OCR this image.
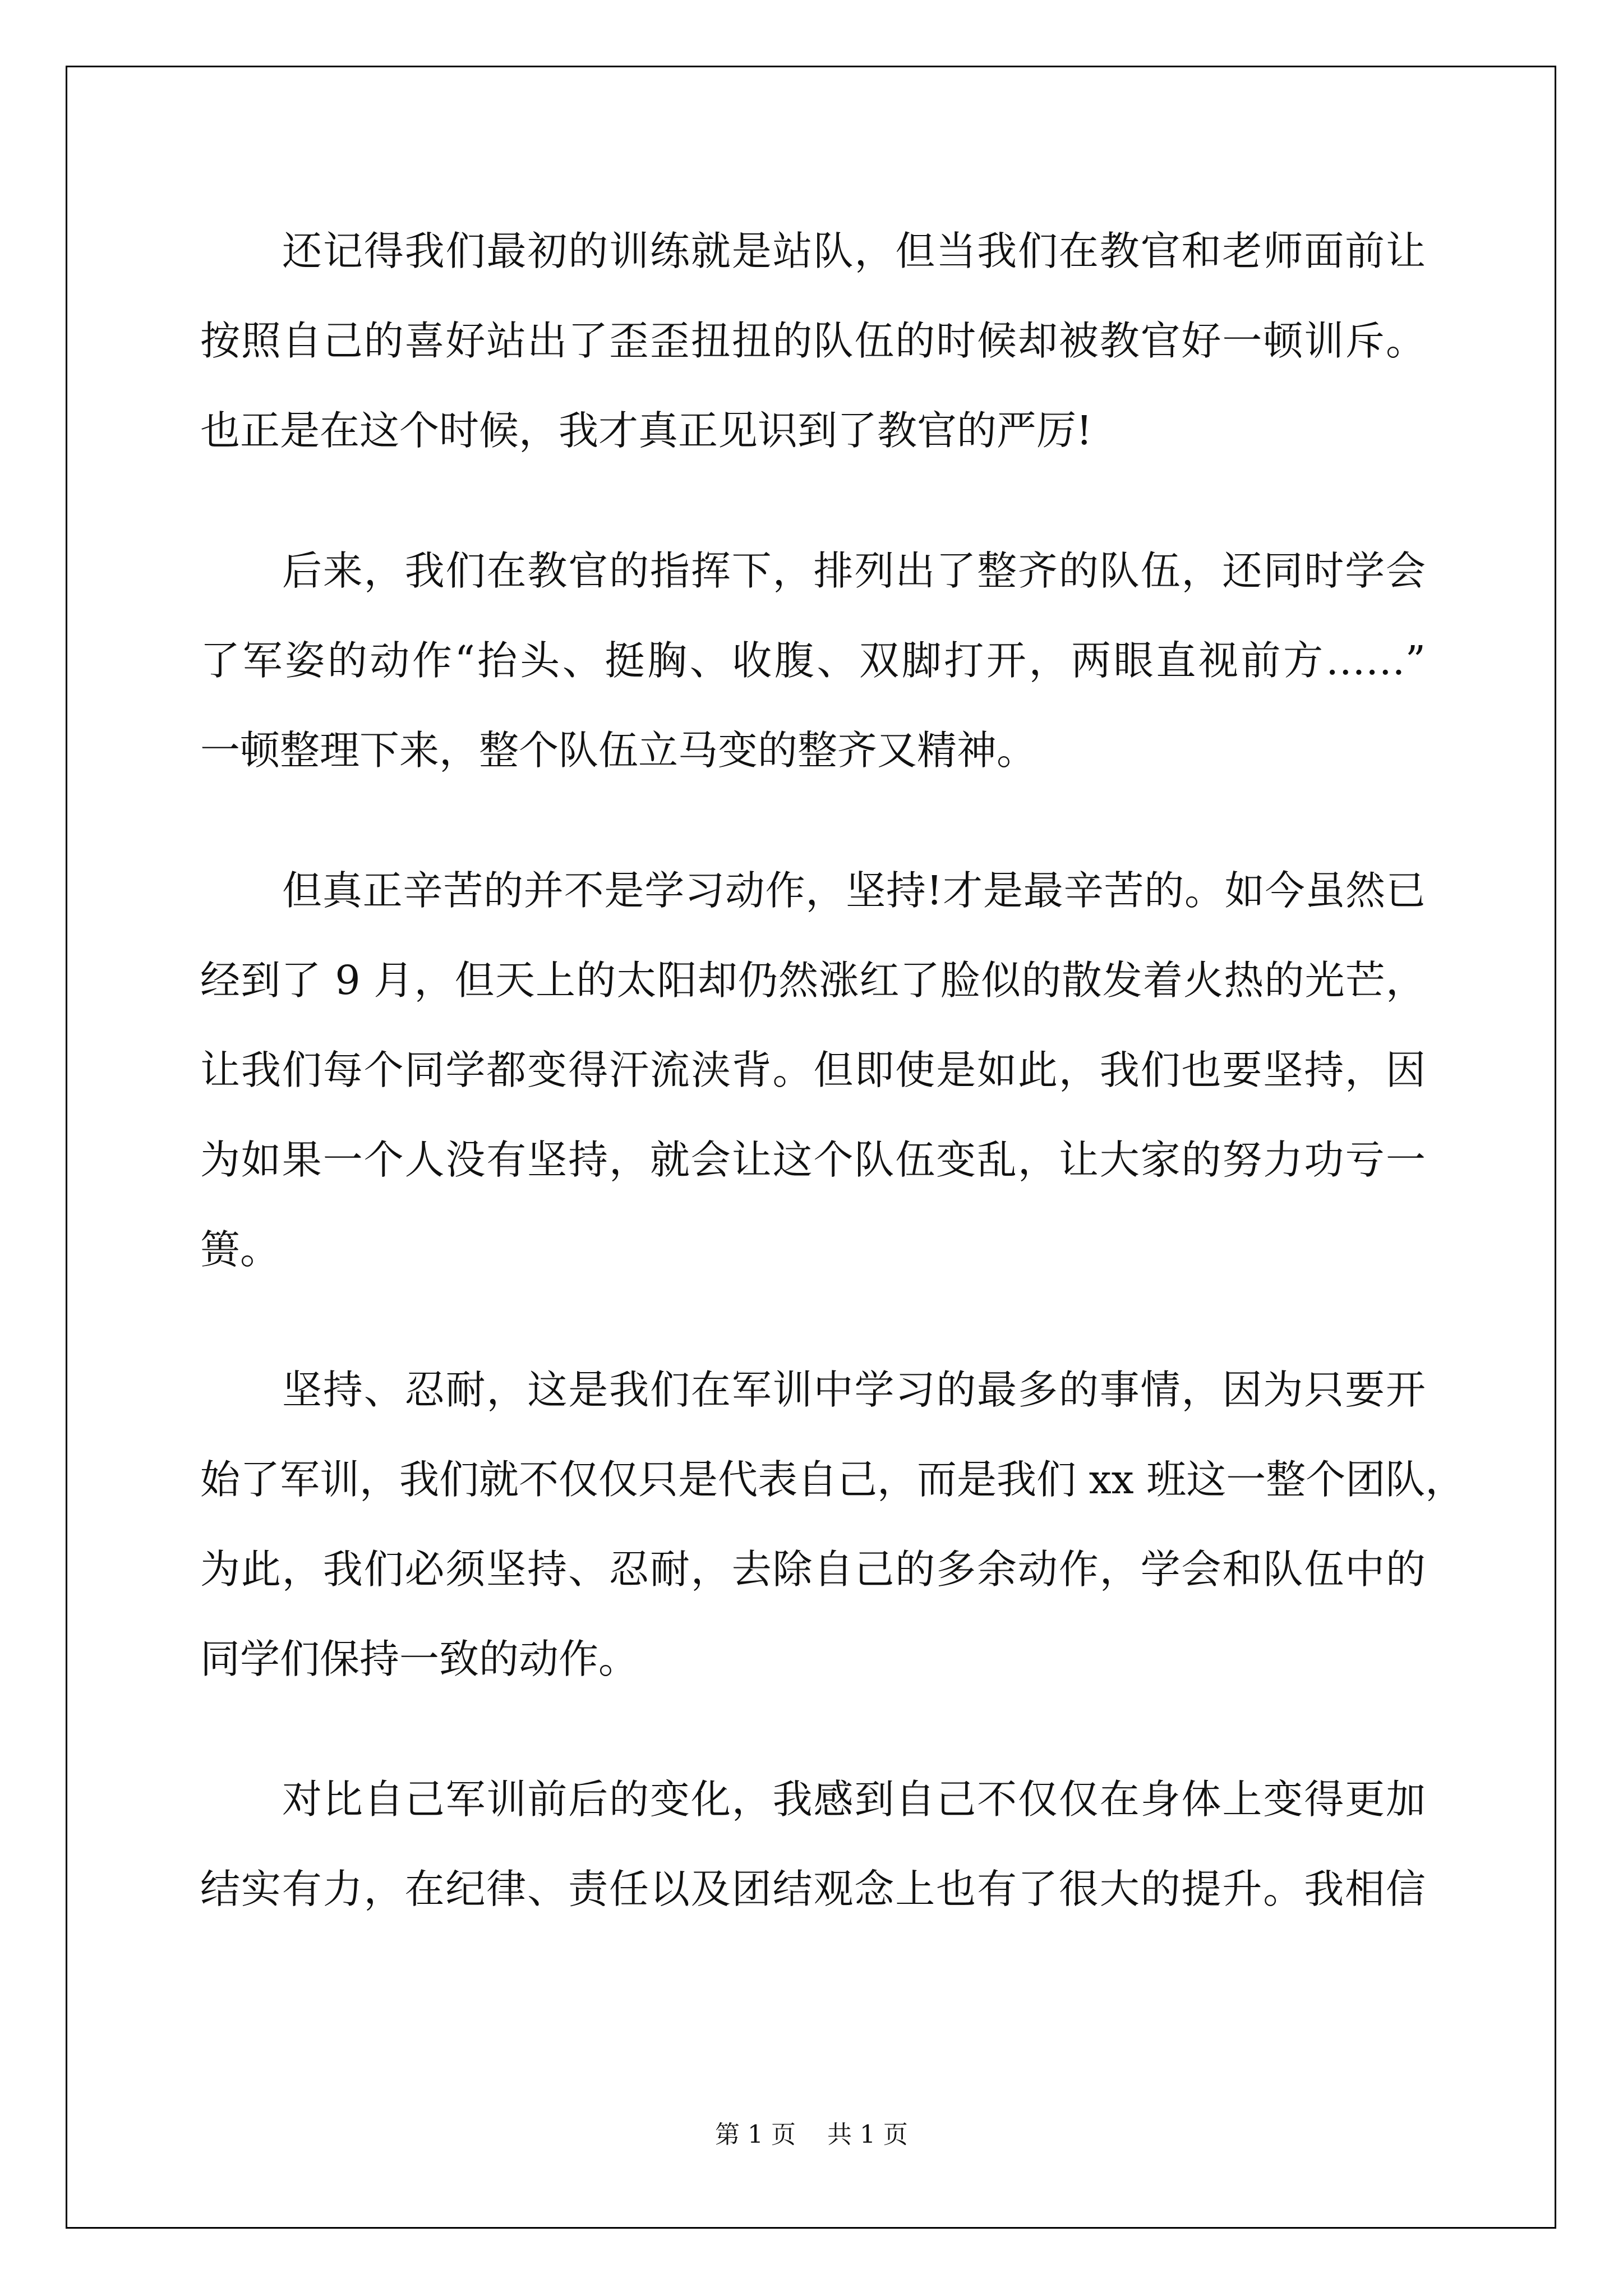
还记得我们最初的训练就是站队，但当我们在教官和老师面前让
按照自己的喜好站出了歪歪扭扭的队伍的时候却被教官好一顿训斥。
也正是在这个时候，我才真正见识到了教官的严厉!
后来，我们在教官的指挥下，排列出了整齐的队伍，还同时学会
了军姿的动作“抬头、挺胸、收腹、双脚打开，两眼直视前方……”
一顿整理下来，整个队伍立马变的整齐又精神。
但真正辛苦的并不是学习动作，坚持!才是最辛苦的。如今虽然已
经到了 9 月，但天上的太阳却仍然涨红了脸似的散发着火热的光芒，
让我们每个同学都变得汗流浃背。但即使是如此，我们也要坚持，因
为如果一个人没有坚持，就会让这个队伍变乱，让大家的努力功亏一
篑。
坚持、忍耐，这是我们在军训中学习的最多的事情，因为只要开
始了军训，我们就不仅仅只是代表自己，而是我们 xx 班这一整个团队，
为此，我们必须坚持、忍耐，去除自己的多余动作，学会和队伍中的
同学们保持一致的动作。
对比自己军训前后的变化，我感到自己不仅仅在身体上变得更加
结实有力，在纪律、责任以及团结观念上也有了很大的提升。我相信
第 1 页    共 1 页
